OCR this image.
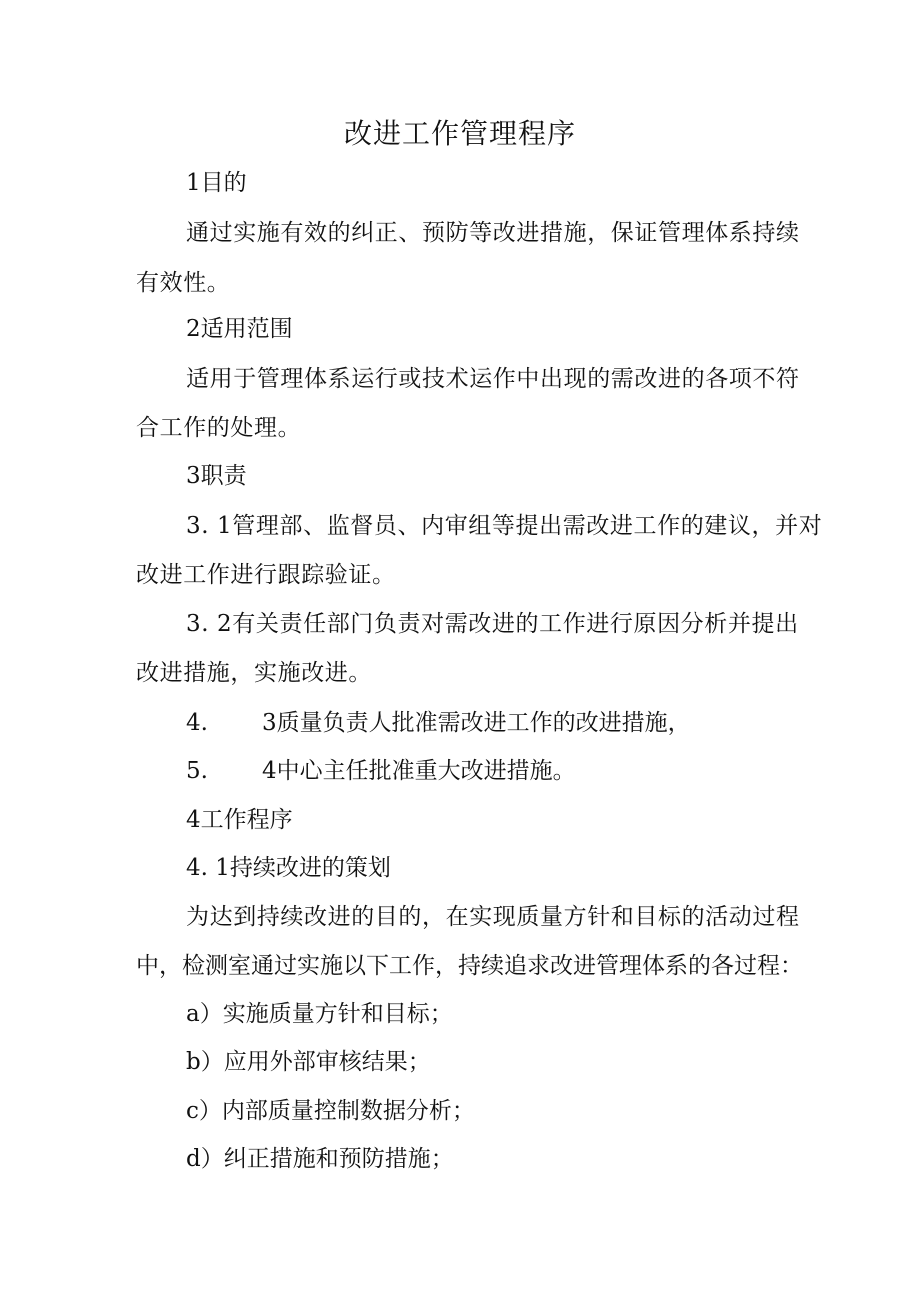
改进工作管理程序

1目的

通过实施有效的纠正、预防等改进措施，保证管理体系持续

有效性。

2适用范围

适用于管理体系运行或技术运作中出现的需改进的各项不符

合工作的处理。

3职责

3. 1管理部、监督员、内审组等提出需改进工作的建议，并对

改进工作进行跟踪验证。

3. 2有关责任部门负责对需改进的工作进行原因分析并提出

改进措施，实施改进。

4. 3质量负责人批准需改进工作的改进措施，

5. 4中心主任批准重大改进措施。

4工作程序

4. 1持续改进的策划

为达到持续改进的目的，在实现质量方针和目标的活动过程

中，检测室通过实施以下工作，持续追求改进管理体系的各过程：

a）实施质量方针和目标；

b）应用外部审核结果；

c）内部质量控制数据分析；

d）纠正措施和预防措施；
